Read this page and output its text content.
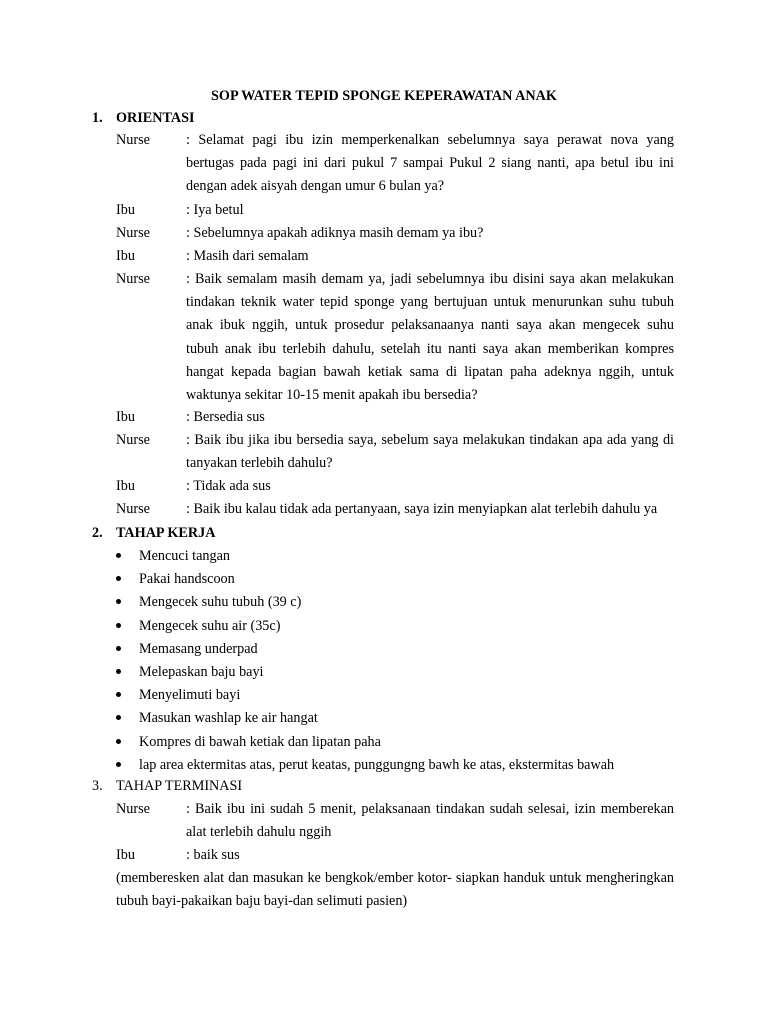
SOP WATER TEPID SPONGE KEPERAWATAN ANAK
1. ORIENTASI
Nurse	: Selamat pagi ibu izin memperkenalkan sebelumnya saya perawat nova yang bertugas pada pagi ini dari pukul 7 sampai Pukul 2 siang nanti, apa betul ibu ini dengan adek aisyah dengan umur 6 bulan ya?
Ibu	: Iya betul
Nurse	: Sebelumnya apakah adiknya masih demam ya ibu?
Ibu	: Masih dari semalam
Nurse	: Baik semalam masih demam ya, jadi sebelumnya ibu disini saya akan melakukan tindakan teknik water tepid sponge yang bertujuan untuk menurunkan suhu tubuh anak ibuk nggih, untuk prosedur pelaksanaanya nanti saya akan mengecek suhu tubuh anak ibu terlebih dahulu, setelah itu nanti saya akan memberikan kompres hangat kepada bagian bawah ketiak sama di lipatan paha adeknya nggih, untuk waktunya sekitar 10-15 menit apakah ibu bersedia?
Ibu	: Bersedia sus
Nurse	: Baik ibu jika ibu bersedia saya, sebelum saya melakukan tindakan apa ada yang di tanyakan terlebih dahulu?
Ibu	: Tidak ada sus
Nurse	: Baik ibu kalau tidak ada pertanyaan, saya izin menyiapkan alat terlebih dahulu ya
2. TAHAP KERJA
Mencuci tangan
Pakai handscoon
Mengecek suhu tubuh (39 c)
Mengecek suhu air (35c)
Memasang underpad
Melepaskan baju bayi
Menyelimuti bayi
Masukan washlap ke air hangat
Kompres di bawah ketiak dan lipatan paha
lap area ektermitas atas, perut keatas, punggungng bawh ke atas, ekstermitas bawah
3. TAHAP TERMINASI
Nurse	: Baik ibu ini sudah 5 menit, pelaksanaan tindakan sudah selesai, izin memberekan alat terlebih dahulu nggih
Ibu	: baik sus
(memberesken alat dan masukan ke bengkok/ember kotor- siapkan handuk untuk mengheringkan tubuh bayi-pakaikan baju bayi-dan selimuti pasien)
